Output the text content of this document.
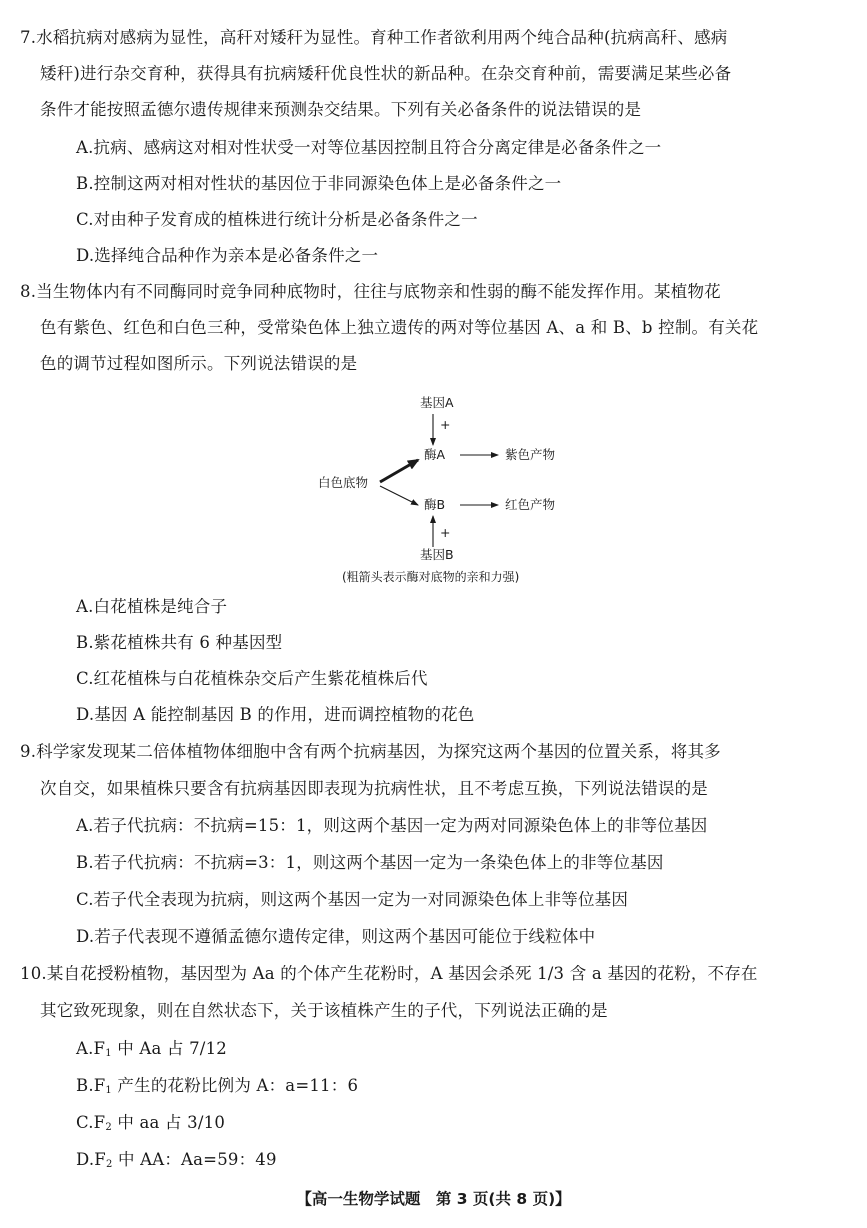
7.水稻抗病对感病为显性，高秆对矮秆为显性。育种工作者欲利用两个纯合品种(抗病高秆、感病
矮秆)进行杂交育种，获得具有抗病矮秆优良性状的新品种。在杂交育种前，需要满足某些必备
条件才能按照孟德尔遗传规律来预测杂交结果。下列有关必备条件的说法错误的是
A.抗病、感病这对相对性状受一对等位基因控制且符合分离定律是必备条件之一
B.控制这两对相对性状的基因位于非同源染色体上是必备条件之一
C.对由种子发育成的植株进行统计分析是必备条件之一
D.选择纯合品种作为亲本是必备条件之一
8.当生物体内有不同酶同时竞争同种底物时，往往与底物亲和性弱的酶不能发挥作用。某植物花
色有紫色、红色和白色三种，受常染色体上独立遗传的两对等位基因 A、a 和 B、b 控制。有关花
色的调节过程如图所示。下列说法错误的是
基因A
+
酶A	紫色产物
白色底物
酶B	红色产物
+
基因B
(粗箭头表示酶对底物的亲和力强)
A.白花植株是纯合子
B.紫花植株共有 6 种基因型
C.红花植株与白花植株杂交后产生紫花植株后代
D.基因 A 能控制基因 B 的作用，进而调控植物的花色
9.科学家发现某二倍体植物体细胞中含有两个抗病基因，为探究这两个基因的位置关系，将其多
次自交，如果植株只要含有抗病基因即表现为抗病性状，且不考虑互换，下列说法错误的是
A.若子代抗病：不抗病=15：1，则这两个基因一定为两对同源染色体上的非等位基因
B.若子代抗病：不抗病=3：1，则这两个基因一定为一条染色体上的非等位基因
C.若子代全表现为抗病，则这两个基因一定为一对同源染色体上非等位基因
D.若子代表现不遵循孟德尔遗传定律，则这两个基因可能位于线粒体中
10.某自花授粉植物，基因型为 Aa 的个体产生花粉时，A 基因会杀死 1/3 含 a 基因的花粉，不存在
其它致死现象，则在自然状态下，关于该植株产生的子代，下列说法正确的是
$A.F_1$ 中 Aa 占 7/12
$B.F_1$ 产生的花粉比例为 A：a=11：6
$C.F_2$ 中 aa 占 3/10
$D.F_2$ 中 AA：Aa=59：49
【高一生物学试题　第 3 页(共 8 页)】
